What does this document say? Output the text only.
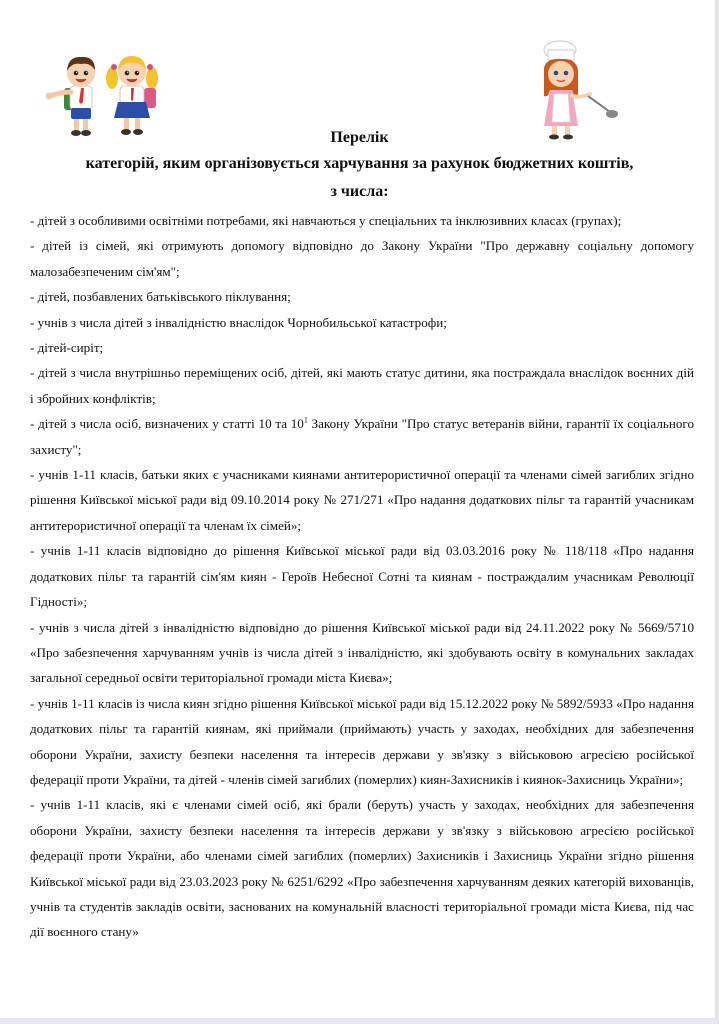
Перелік
категорій, яким організовується харчування за рахунок бюджетних коштів,
з числа:
- дітей з особливими освітніми потребами, які навчаються у спеціальних та інклюзивних класах (групах);
- дітей із сімей, які отримують допомогу відповідно до Закону України "Про державну соціальну допомогу малозабезпеченим сім'ям";
- дітей, позбавлених батьківського піклування;
- учнів з числа дітей з інвалідністю внаслідок Чорнобильської катастрофи;
- дітей-сиріт;
- дітей з числа внутрішньо переміщених осіб, дітей, які мають статус дитини, яка постраждала внаслідок воєнних дій і збройних конфліктів;
- дітей з числа осіб, визначених у статті 10 та $10^1$ Закону України "Про статус ветеранів війни, гарантії їх соціального захисту";
- учнів 1-11 класів, батьки яких є учасниками киянами антитерористичної операції та членами сімей загиблих згідно рішення Київської міської ради від 09.10.2014 року № 271/271 «Про надання додаткових пільг та гарантій учасникам антитерористичної операції та членам їх сімей»;
- учнів 1-11 класів відповідно до рішення Київської міської ради від 03.03.2016 року № 118/118 «Про надання додаткових пільг та гарантій сім'ям киян - Героїв Небесної Сотні та киянам - постраждалим учасникам Революції Гідності»;
- учнів з числа дітей з інвалідністю відповідно до рішення Київської міської ради від 24.11.2022 року № 5669/5710 «Про забезпечення харчуванням учнів із числа дітей з інвалідністю, які здобувають освіту в комунальних закладах загальної середньої освіти територіальної громади міста Києва»;
- учнів 1-11 класів із числа киян згідно рішення Київської міської ради від 15.12.2022 року № 5892/5933 «Про надання додаткових пільг та гарантій киянам, які приймали (приймають) участь у заходах, необхідних для забезпечення оборони України, захисту безпеки населення та інтересів держави у зв'язку з військовою агресією російської федерації проти України, та дітей - членів сімей загиблих (померлих) киян-Захисників і киянок-Захисниць України»;
- учнів 1-11 класів, які є членами сімей осіб, які брали (беруть) участь у заходах, необхідних для забезпечення оборони України, захисту безпеки населення та інтересів держави у зв'язку з військовою агресією російської федерації проти України, або членами сімей загиблих (померлих) Захисників і Захисниць України згідно рішення Київської міської ради від 23.03.2023 року № 6251/6292 «Про забезпечення харчуванням деяких категорій вихованців, учнів та студентів закладів освіти, заснованих на комунальній власності територіальної громади міста Києва, під час дії воєнного стану»
